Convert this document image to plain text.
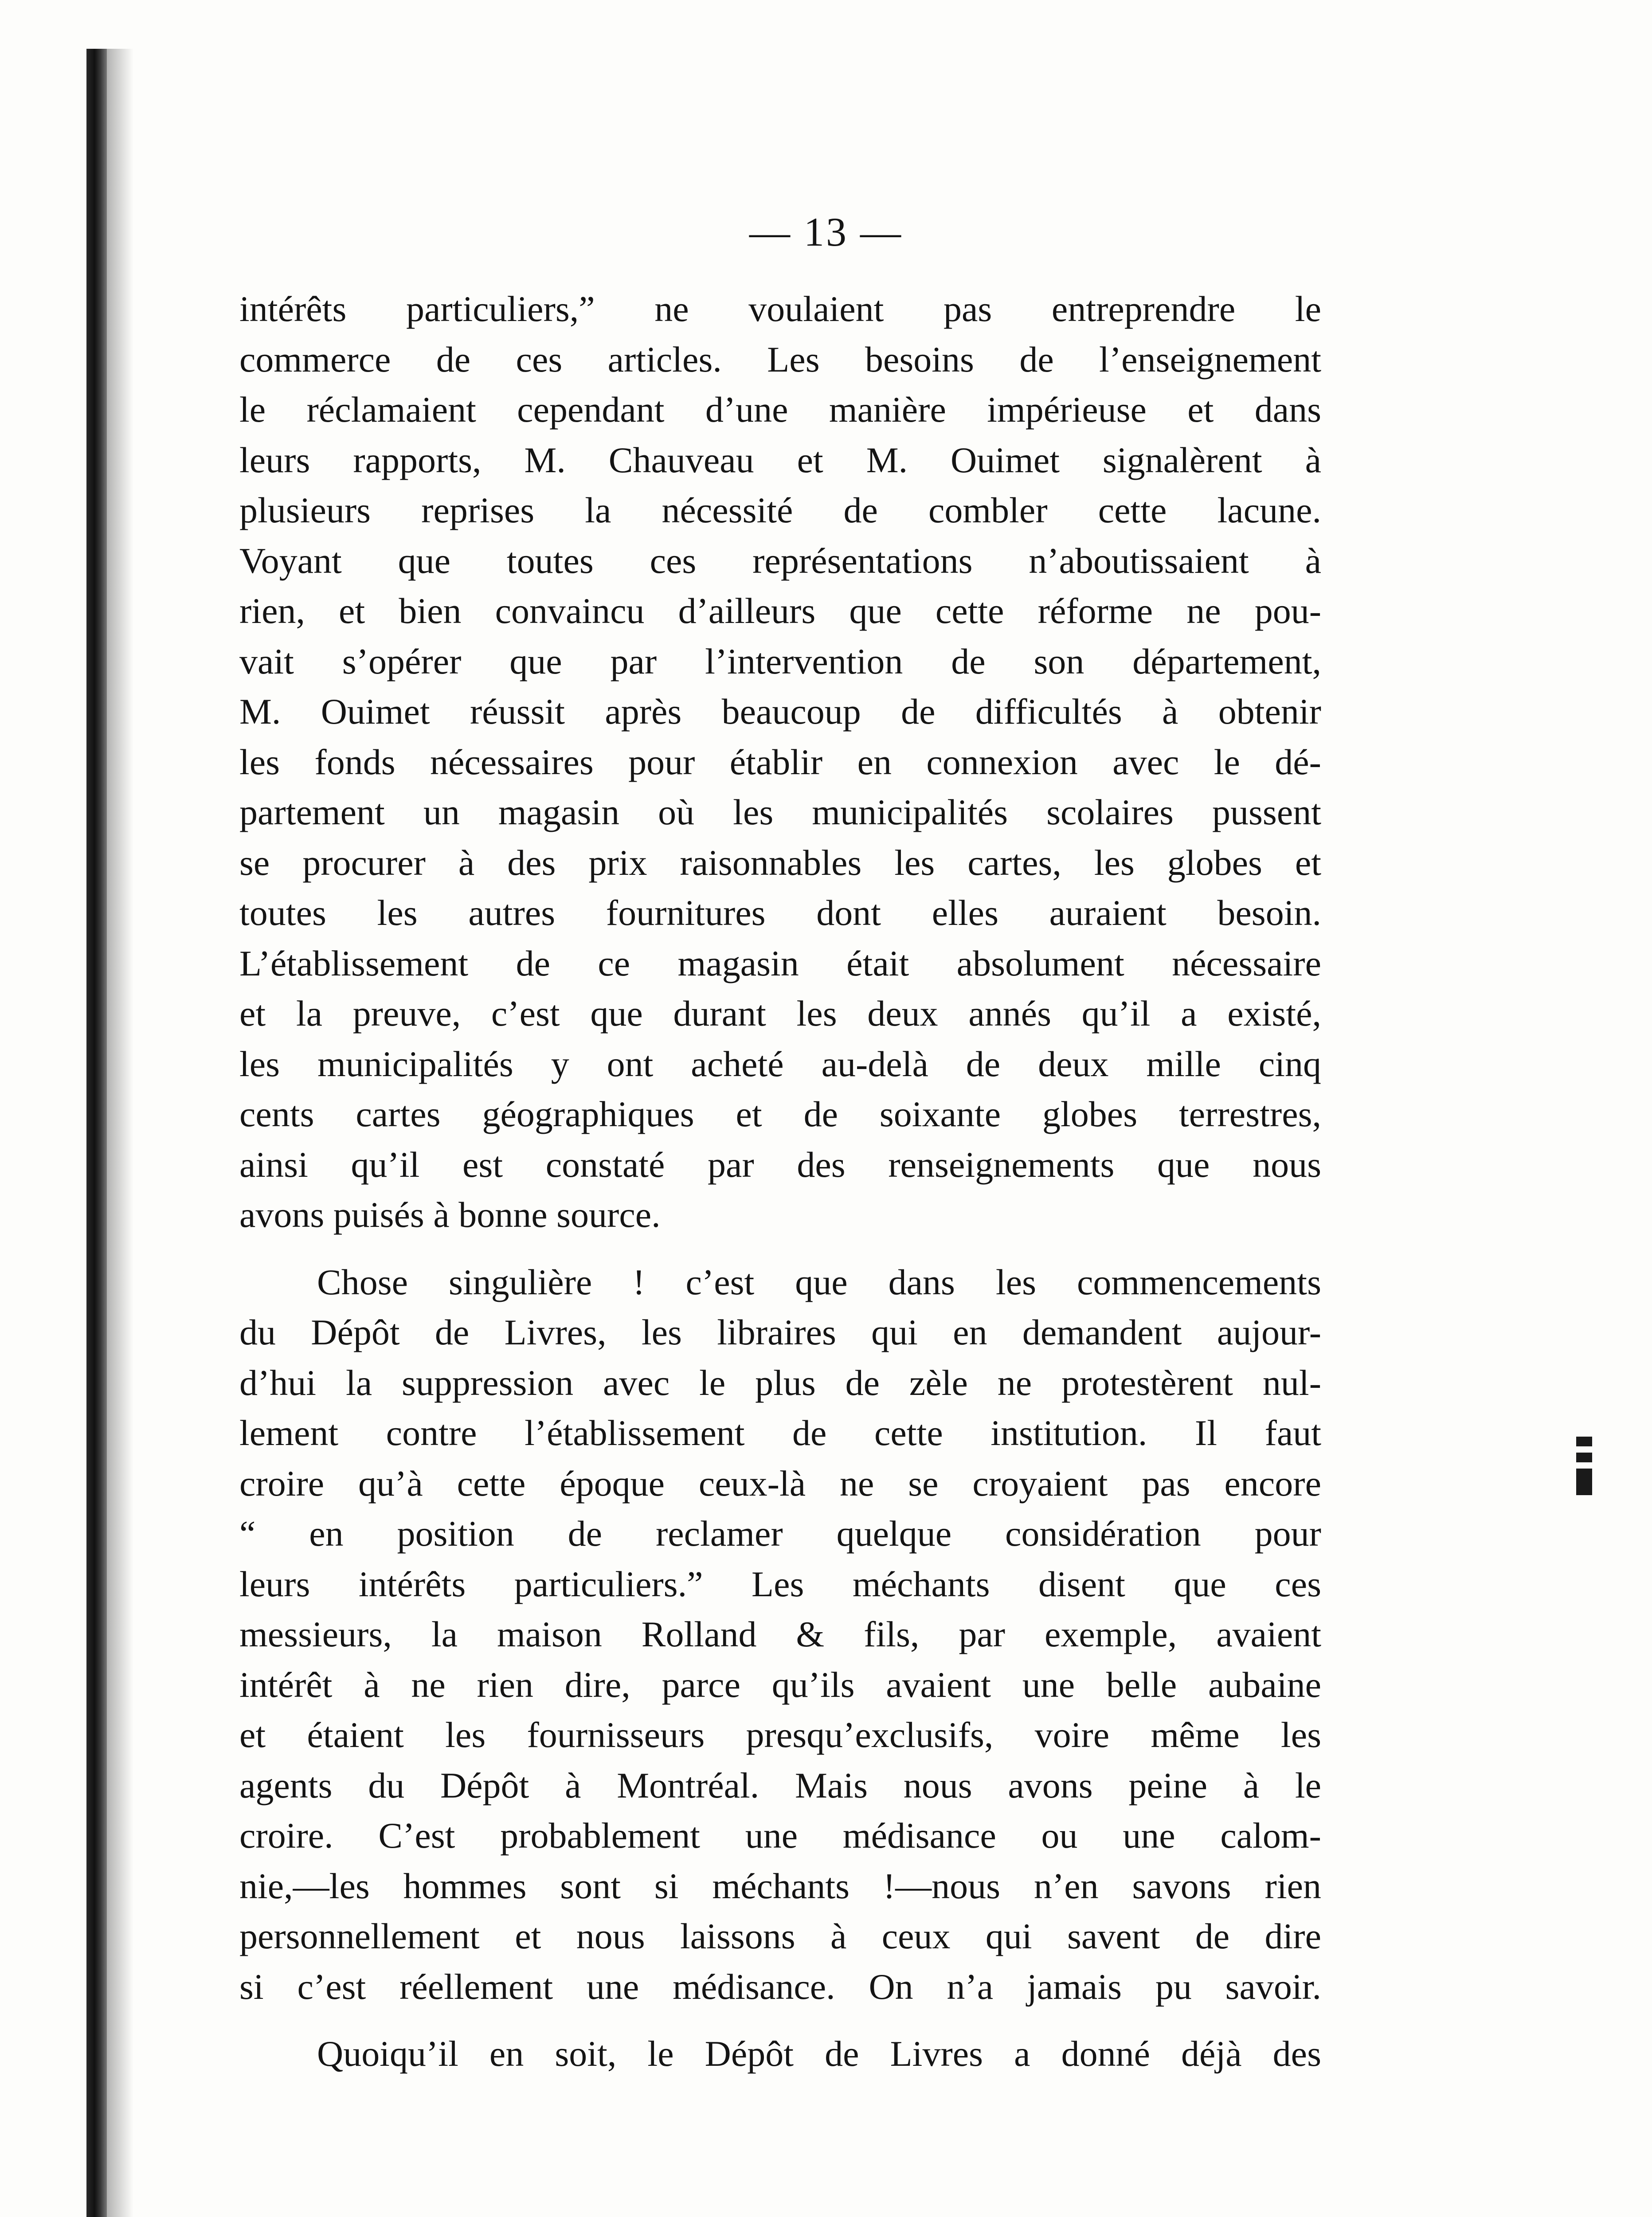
— 13 —
intérêts particuliers,” ne voulaient pas entreprendre le
commerce de ces articles. Les besoins de l’enseignement
le réclamaient cependant d’une manière impérieuse et dans
leurs rapports, M. Chauveau et M. Ouimet signalèrent à
plusieurs reprises la nécessité de combler cette lacune.
Voyant que toutes ces représentations n’aboutissaient à
rien, et bien convaincu d’ailleurs que cette réforme ne pou-
vait s’opérer que par l’intervention de son département,
M. Ouimet réussit après beaucoup de difficultés à obtenir
les fonds nécessaires pour établir en connexion avec le dé-
partement un magasin où les municipalités scolaires pussent
se procurer à des prix raisonnables les cartes, les globes et
toutes les autres fournitures dont elles auraient besoin.
L’établissement de ce magasin était absolument nécessaire
et la preuve, c’est que durant les deux annés qu’il a existé,
les municipalités y ont acheté au-delà de deux mille cinq
cents cartes géographiques et de soixante globes terrestres,
ainsi qu’il est constaté par des renseignements que nous
avons puisés à bonne source.
Chose singulière ! c’est que dans les commencements
du Dépôt de Livres, les libraires qui en demandent aujour-
d’hui la suppression avec le plus de zèle ne protestèrent nul-
lement contre l’établissement de cette institution. Il faut
croire qu’à cette époque ceux-là ne se croyaient pas encore
“ en position de reclamer quelque considération pour
leurs intérêts particuliers.” Les méchants disent que ces
messieurs, la maison Rolland & fils, par exemple, avaient
intérêt à ne rien dire, parce qu’ils avaient une belle aubaine
et étaient les fournisseurs presqu’exclusifs, voire même les
agents du Dépôt à Montréal. Mais nous avons peine à le
croire. C’est probablement une médisance ou une calom-
nie,—les hommes sont si méchants !—nous n’en savons rien
personnellement et nous laissons à ceux qui savent de dire
si c’est réellement une médisance. On n’a jamais pu savoir.
Quoiqu’il en soit, le Dépôt de Livres a donné déjà des
